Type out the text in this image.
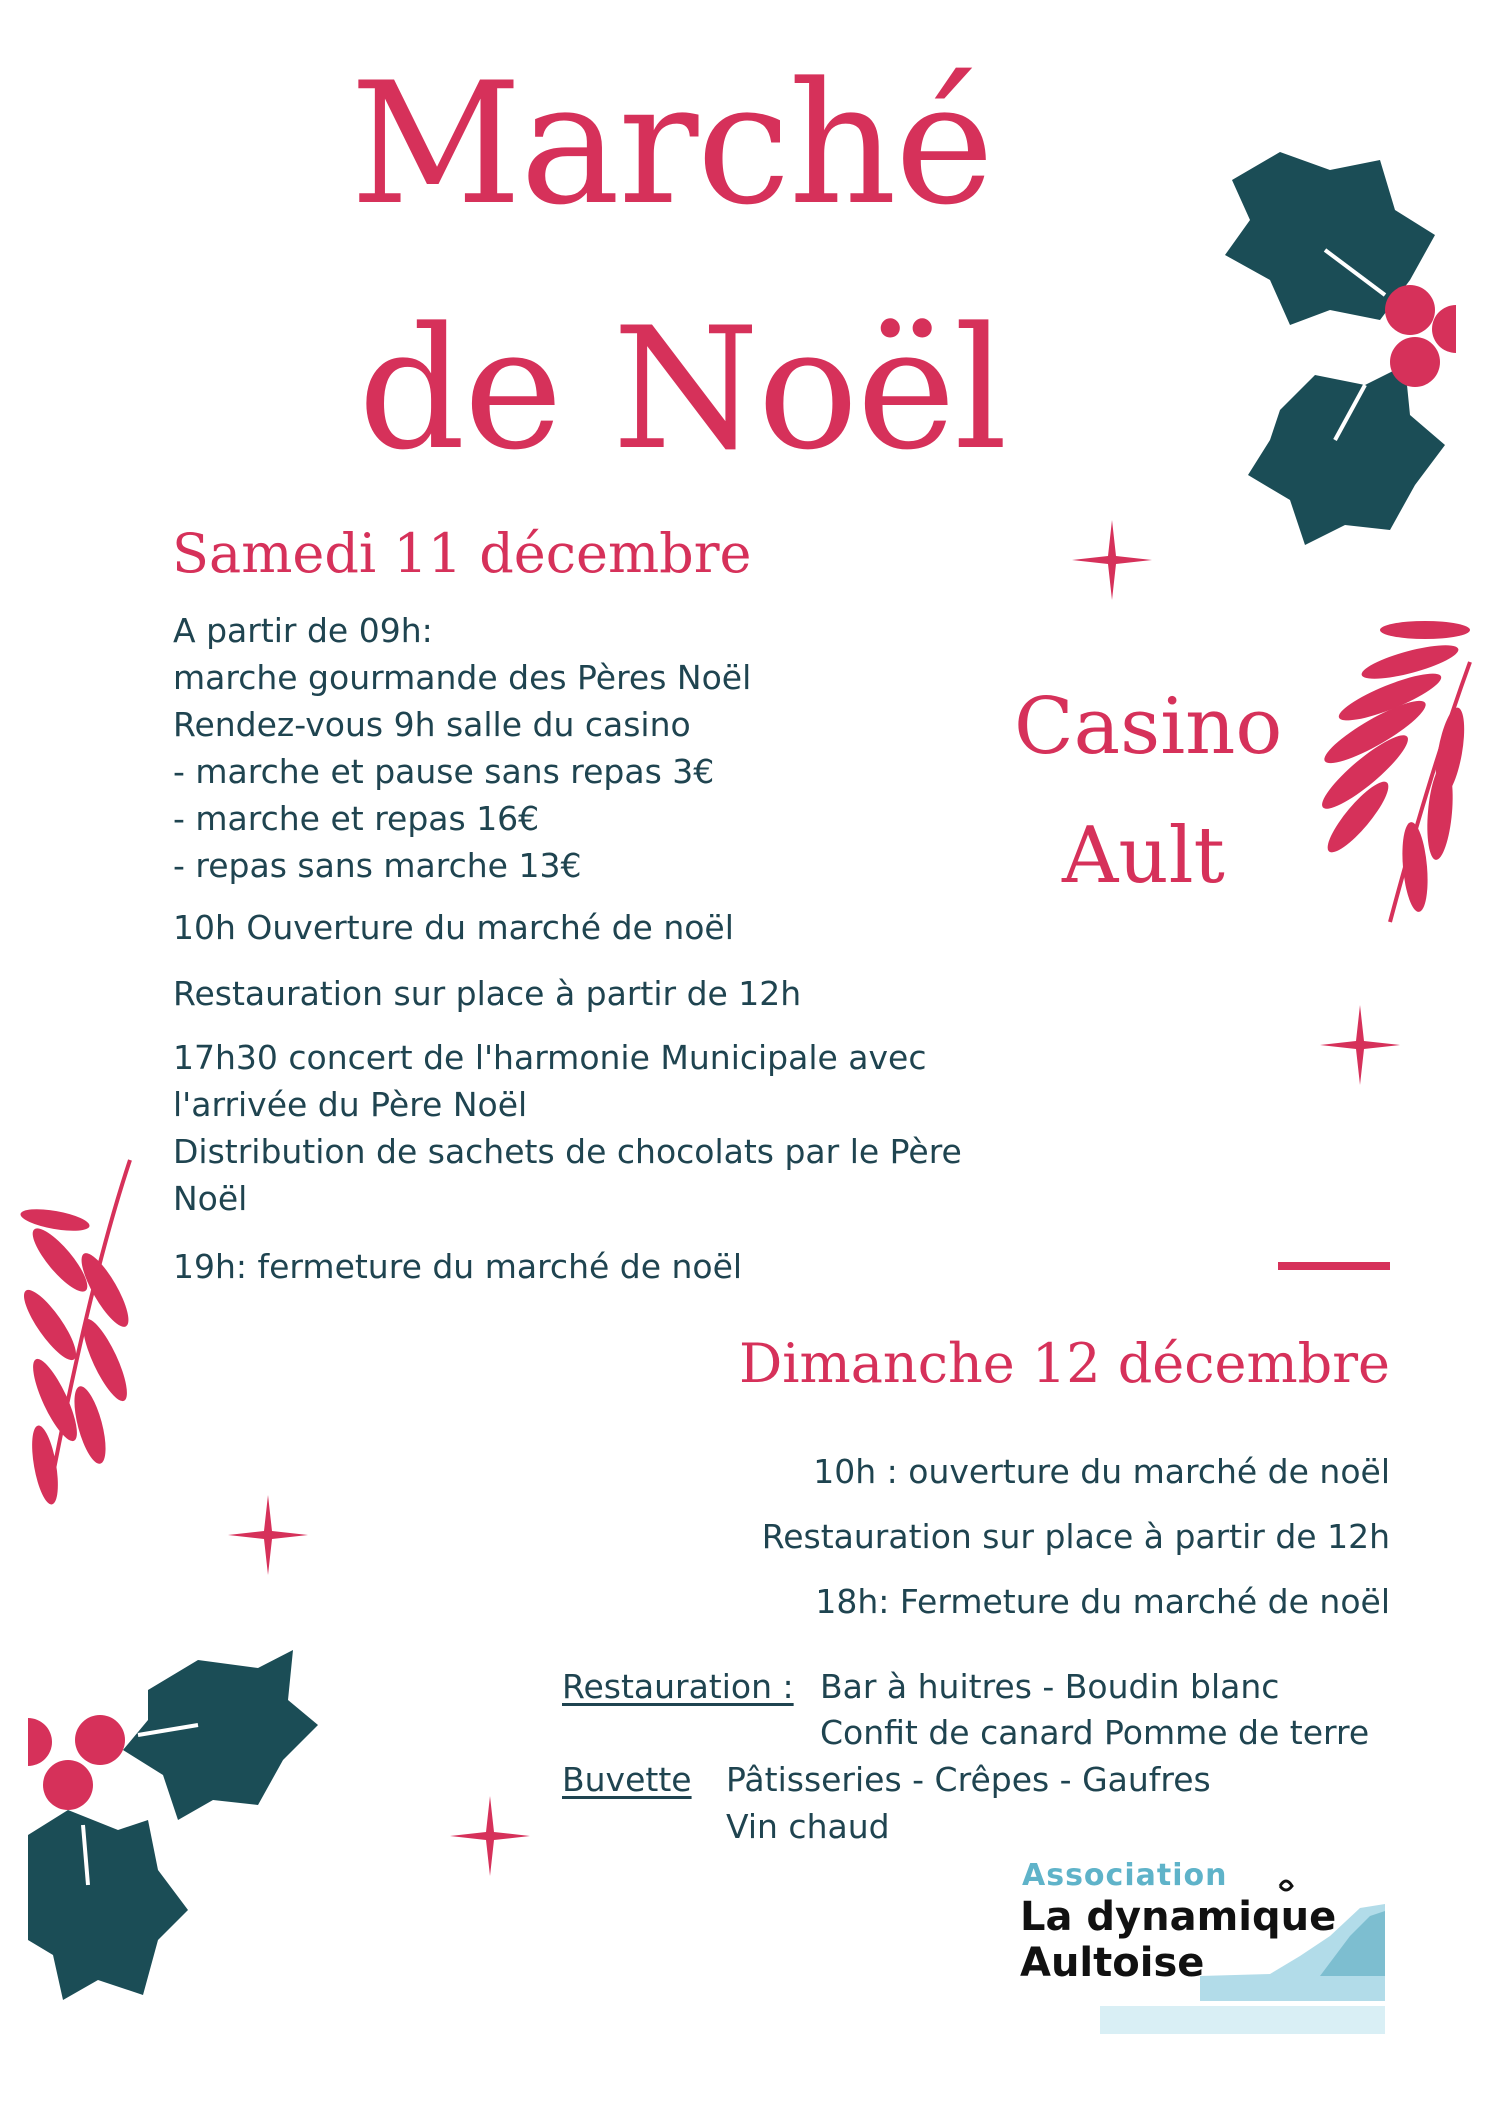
Marché
de Noël
Samedi 11 décembre
A partir de 09h:
marche gourmande des Pères Noël
Rendez-vous 9h salle du casino
- marche et pause sans repas 3€
- marche et repas 16€
- repas sans marche 13€
10h Ouverture du marché de noël
Restauration sur place à partir de 12h
17h30 concert de l'harmonie Municipale avec
l'arrivée du Père Noël
Distribution de sachets de chocolats par le Père
Noël
19h: fermeture du marché de noël
Casino
Ault
Dimanche 12 décembre
10h : ouverture du marché de noël
Restauration sur place à partir de 12h
18h: Fermeture du marché de noël
Restauration : Bar à huitres - Boudin blanc
Confit de canard Pomme de terre
Buvette Pâtisseries - Crêpes - Gaufres
Vin chaud
Association
La dynamique
Aultoise
